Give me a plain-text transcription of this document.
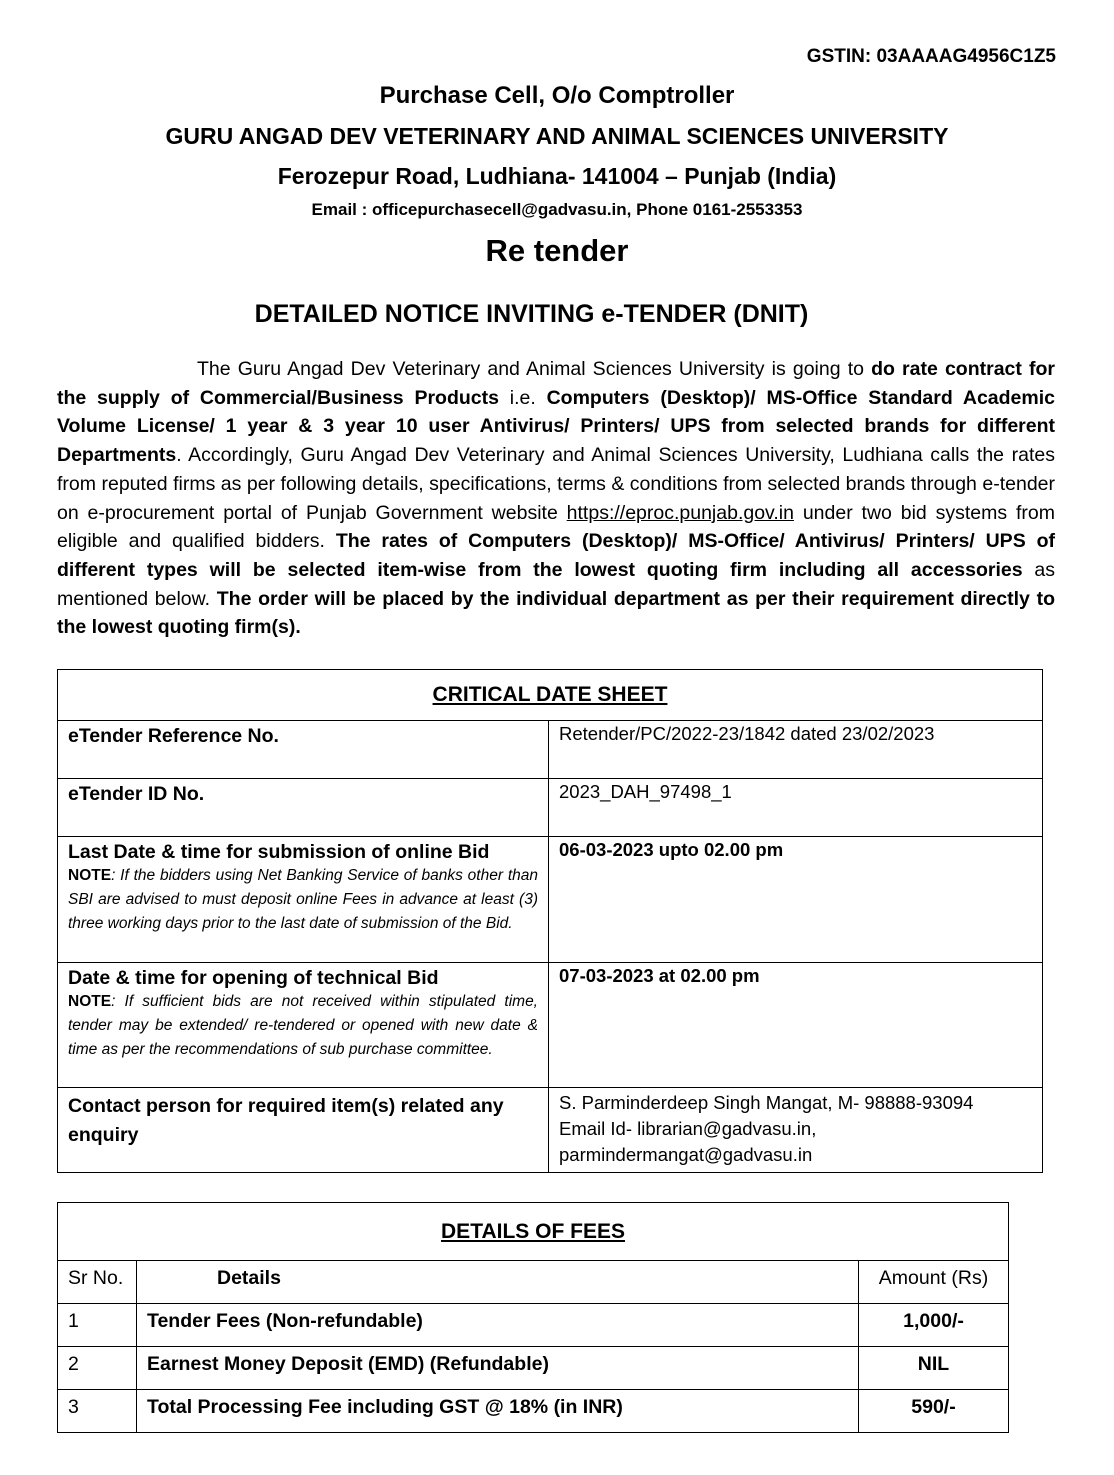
GSTIN: 03AAAAG4956C1Z5
Purchase Cell, O/o Comptroller
GURU ANGAD DEV VETERINARY AND ANIMAL SCIENCES UNIVERSITY
Ferozepur Road, Ludhiana- 141004 – Punjab (India)
Email : officepurchasecell@gadvasu.in, Phone 0161-2553353
Re tender
DETAILED NOTICE INVITING e-TENDER (DNIT)
The Guru Angad Dev Veterinary and Animal Sciences University is going to do rate contract for the supply of Commercial/Business Products i.e. Computers (Desktop)/ MS-Office Standard Academic Volume License/ 1 year & 3 year 10 user Antivirus/ Printers/ UPS from selected brands for different Departments. Accordingly, Guru Angad Dev Veterinary and Animal Sciences University, Ludhiana calls the rates from reputed firms as per following details, specifications, terms & conditions from selected brands through e-tender on e-procurement portal of Punjab Government website https://eproc.punjab.gov.in under two bid systems from eligible and qualified bidders. The rates of Computers (Desktop)/ MS-Office/ Antivirus/ Printers/ UPS of different types will be selected item-wise from the lowest quoting firm including all accessories as mentioned below. The order will be placed by the individual department as per their requirement directly to the lowest quoting firm(s).
CRITICAL DATE SHEET	
eTender Reference No.	Retender/PC/2022-23/1842 dated 23/02/2023
eTender ID No.	2023_DAH_97498_1
Last Date & time for submission of online Bid
NOTE: If the bidders using Net Banking Service of banks other than SBI are advised to must deposit online Fees in advance at least (3) three working days prior to the last date of submission of the Bid.	06-03-2023 upto 02.00 pm
Date & time for opening of technical Bid
NOTE: If sufficient bids are not received within stipulated time, tender may be extended/ re-tendered or opened with new date & time as per the recommendations of sub purchase committee.	07-03-2023 at 02.00 pm
Contact person for required item(s) related any enquiry	S. Parminderdeep Singh Mangat, M- 98888-93094
Email Id- librarian@gadvasu.in,
parmindermangat@gadvasu.in
DETAILS OF FEES		
Sr No.	Details	Amount (Rs)
1	Tender Fees (Non-refundable)	1,000/-
2	Earnest Money Deposit (EMD) (Refundable)	NIL
3	Total Processing Fee including GST @ 18% (in INR)	590/-
